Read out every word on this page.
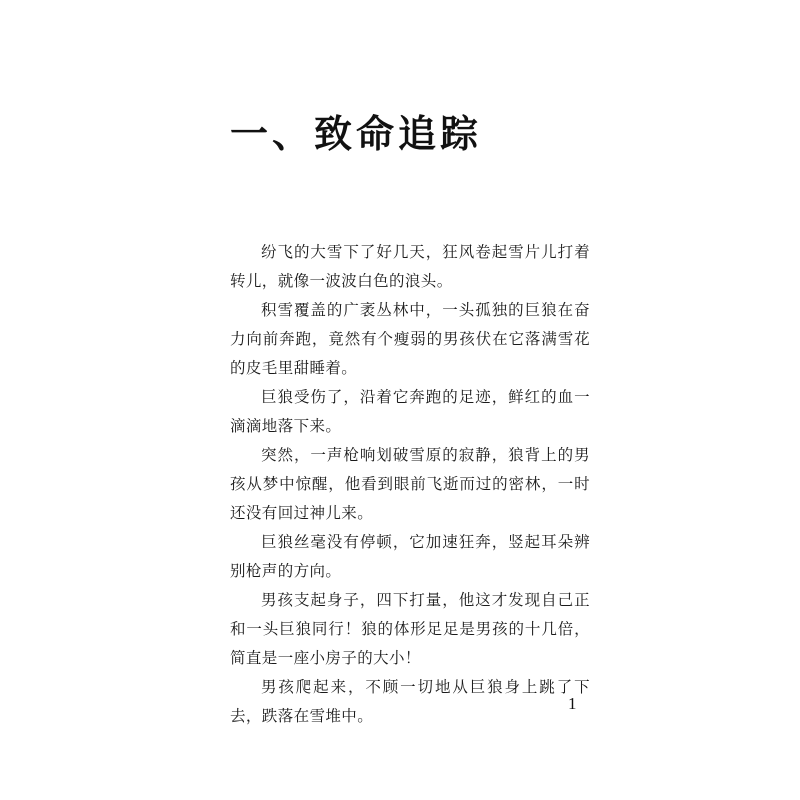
一、致命追踪

纷飞的大雪下了好几天，狂风卷起雪片儿打着转儿，就像一波波白色的浪头。

积雪覆盖的广袤丛林中，一头孤独的巨狼在奋力向前奔跑，竟然有个瘦弱的男孩伏在它落满雪花的皮毛里甜睡着。

巨狼受伤了，沿着它奔跑的足迹，鲜红的血一滴滴地落下来。

突然，一声枪响划破雪原的寂静，狼背上的男孩从梦中惊醒，他看到眼前飞逝而过的密林，一时还没有回过神儿来。

巨狼丝毫没有停顿，它加速狂奔，竖起耳朵辨别枪声的方向。

男孩支起身子，四下打量，他这才发现自己正和一头巨狼同行！狼的体形足足是男孩的十几倍，简直是一座小房子的大小！

男孩爬起来，不顾一切地从巨狼身上跳了下去，跌落在雪堆中。

1
